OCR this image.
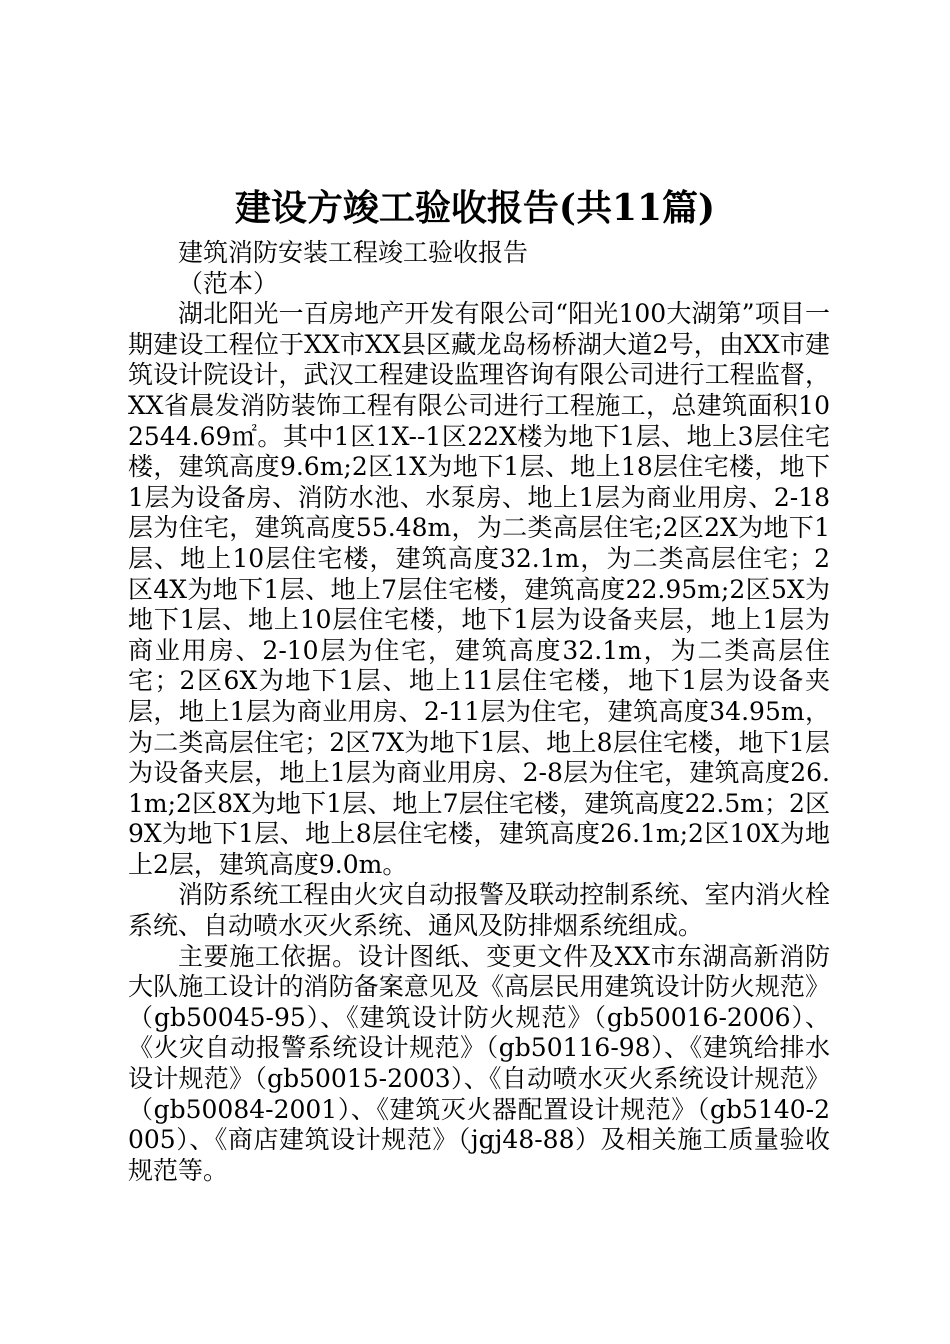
建设方竣工验收报告(共11篇)

建筑消防安装工程竣工验收报告

（范本）

湖北阳光一百房地产开发有限公司“阳光100大湖第”项目一期建设工程位于XX市XX县区藏龙岛杨桥湖大道2号，由XX市建筑设计院设计，武汉工程建设监理咨询有限公司进行工程监督，XX省晨发消防装饰工程有限公司进行工程施工，总建筑面积102544.69㎡。其中1区1X--1区22X楼为地下1层、地上3层住宅楼，建筑高度9.6m;2区1X为地下1层、地上18层住宅楼，地下1层为设备房、消防水池、水泵房、地上1层为商业用房、2-18层为住宅，建筑高度55.48m，为二类高层住宅;2区2X为地下1层、地上10层住宅楼，建筑高度32.1m，为二类高层住宅；2区4X为地下1层、地上7层住宅楼，建筑高度22.95m;2区5X为地下1层、地上10层住宅楼，地下1层为设备夹层，地上1层为商业用房、2-10层为住宅，建筑高度32.1m，为二类高层住宅；2区6X为地下1层、地上11层住宅楼，地下1层为设备夹层，地上1层为商业用房、2-11层为住宅，建筑高度34.95m，为二类高层住宅；2区7X为地下1层、地上8层住宅楼，地下1层为设备夹层，地上1层为商业用房、2-8层为住宅，建筑高度26.1m;2区8X为地下1层、地上7层住宅楼，建筑高度22.5m；2区9X为地下1层、地上8层住宅楼，建筑高度26.1m;2区10X为地上2层，建筑高度9.0m。

消防系统工程由火灾自动报警及联动控制系统、室内消火栓系统、自动喷水灭火系统、通风及防排烟系统组成。

主要施工依据。设计图纸、变更文件及XX市东湖高新消防大队施工设计的消防备案意见及《高层民用建筑设计防火规范》（gb50045-95）、《建筑设计防火规范》（gb50016-2006）、《火灾自动报警系统设计规范》（gb50116-98）、《建筑给排水设计规范》（gb50015-2003）、《自动喷水灭火系统设计规范》（gb50084-2001）、《建筑灭火器配置设计规范》（gb5140-2005）、《商店建筑设计规范》（jgj48-88）及相关施工质量验收规范等。
